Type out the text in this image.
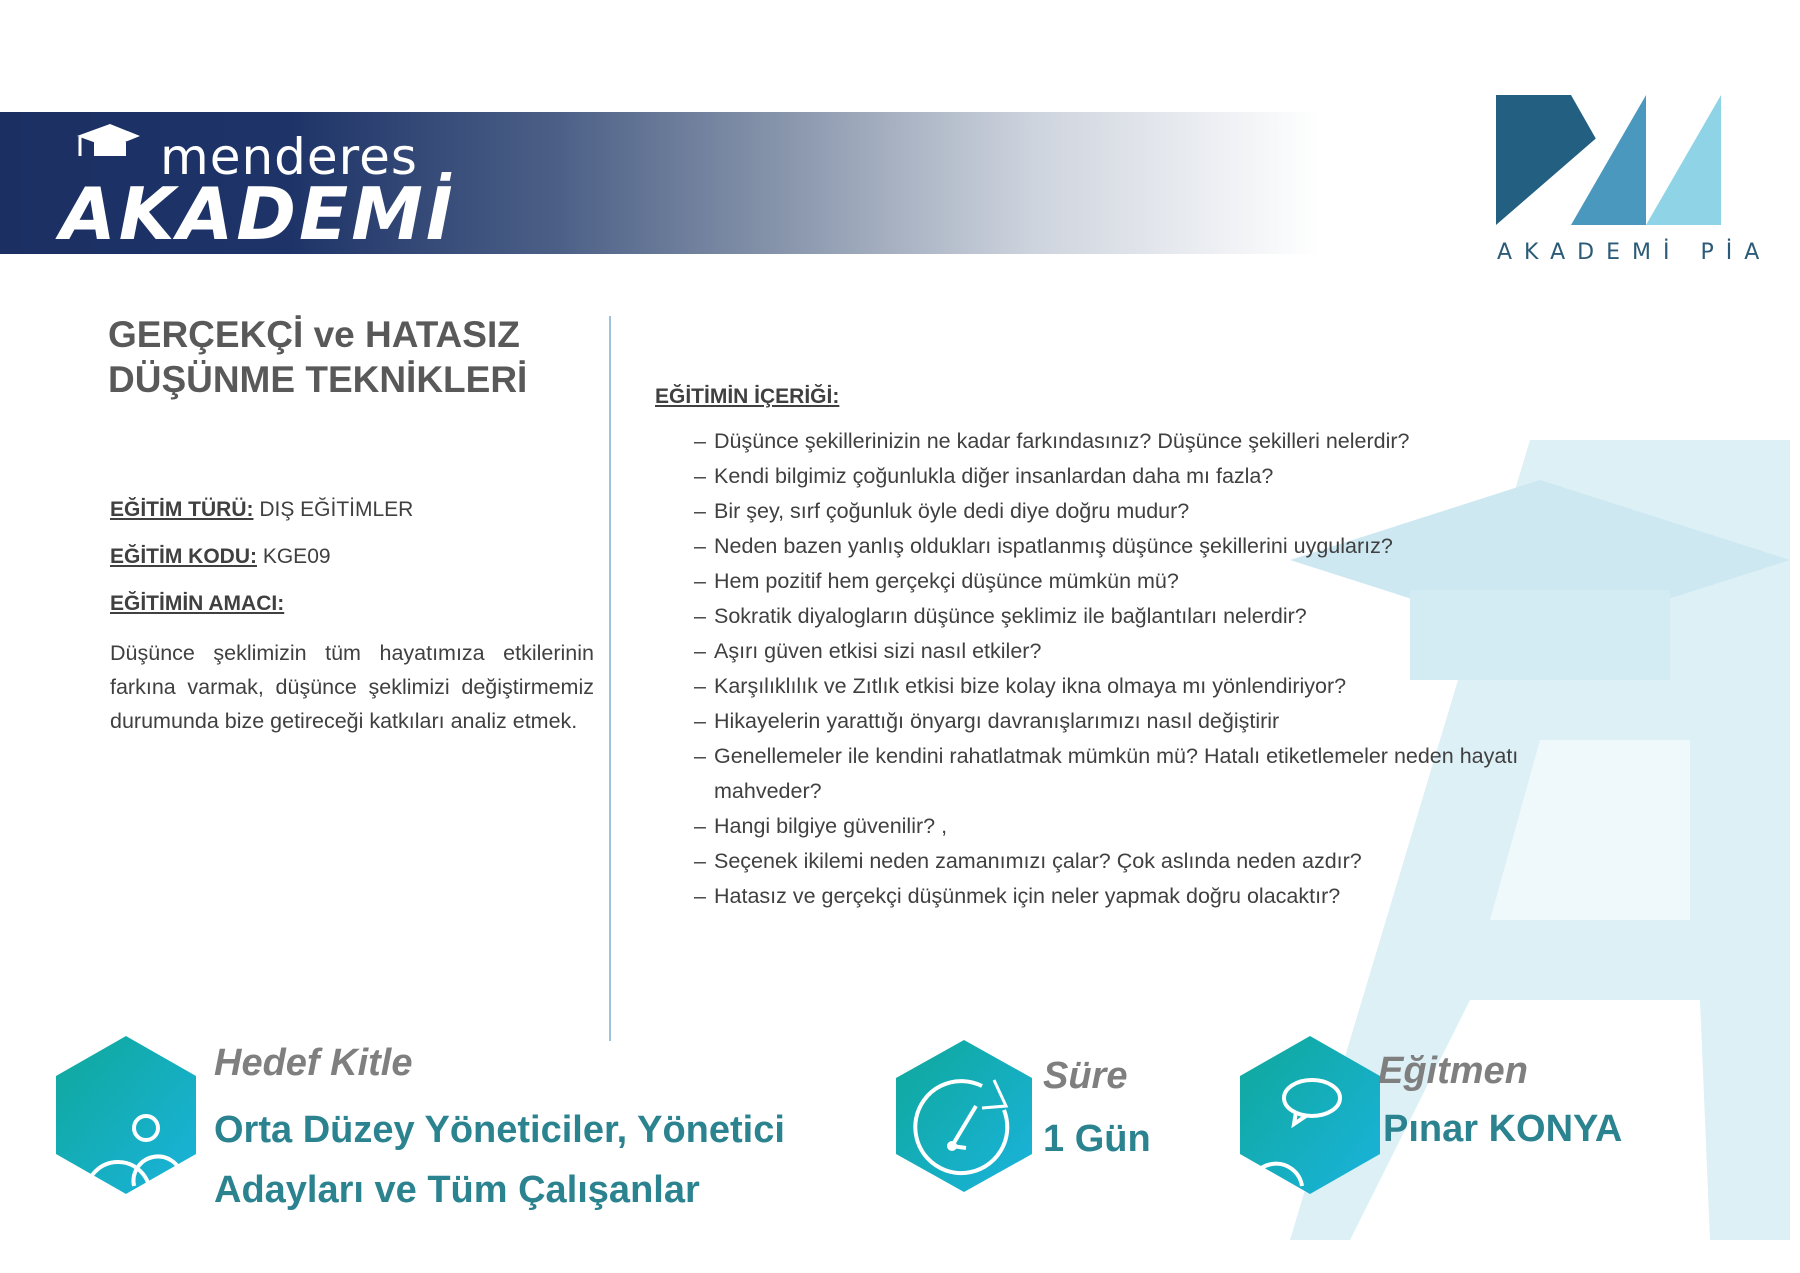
menderes
AKADEMİ	AKADEMİ PİA
GERÇEKÇİ ve HATASIZ
DÜŞÜNME TEKNİKLERİ
EĞİTİM TÜRÜ: DIŞ EĞİTİMLER
EĞİTİM KODU: KGE09
EĞİTİMİN AMACI:
Düşünce şeklimizin tüm hayatımıza etkilerinin farkına varmak, düşünce şeklimizi değiştirmemiz durumunda bize getireceği katkıları analiz etmek.
EĞİTİMİN İÇERİĞİ:
– Düşünce şekillerinizin ne kadar farkındasınız? Düşünce şekilleri nelerdir?
– Kendi bilgimiz çoğunlukla diğer insanlardan daha mı fazla?
– Bir şey, sırf çoğunluk öyle dedi diye doğru mudur?
– Neden bazen yanlış oldukları ispatlanmış düşünce şekillerini uygularız?
– Hem pozitif hem gerçekçi düşünce mümkün mü?
– Sokratik diyalogların düşünce şeklimiz ile bağlantıları nelerdir?
– Aşırı güven etkisi sizi nasıl etkiler?
– Karşılıklılık ve Zıtlık etkisi bize kolay ikna olmaya mı yönlendiriyor?
– Hikayelerin yarattığı önyargı davranışlarımızı nasıl değiştirir
– Genellemeler ile kendini rahatlatmak mümkün mü? Hatalı etiketlemeler neden hayatı mahveder?
– Hangi bilgiye güvenilir? ,
– Seçenek ikilemi neden zamanımızı çalar? Çok aslında neden azdır?
– Hatasız ve gerçekçi düşünmek için neler yapmak doğru olacaktır?
Hedef Kitle
Orta Düzey Yöneticiler, Yönetici Adayları ve Tüm Çalışanlar
Süre
1 Gün
Eğitmen
Pınar KONYA
